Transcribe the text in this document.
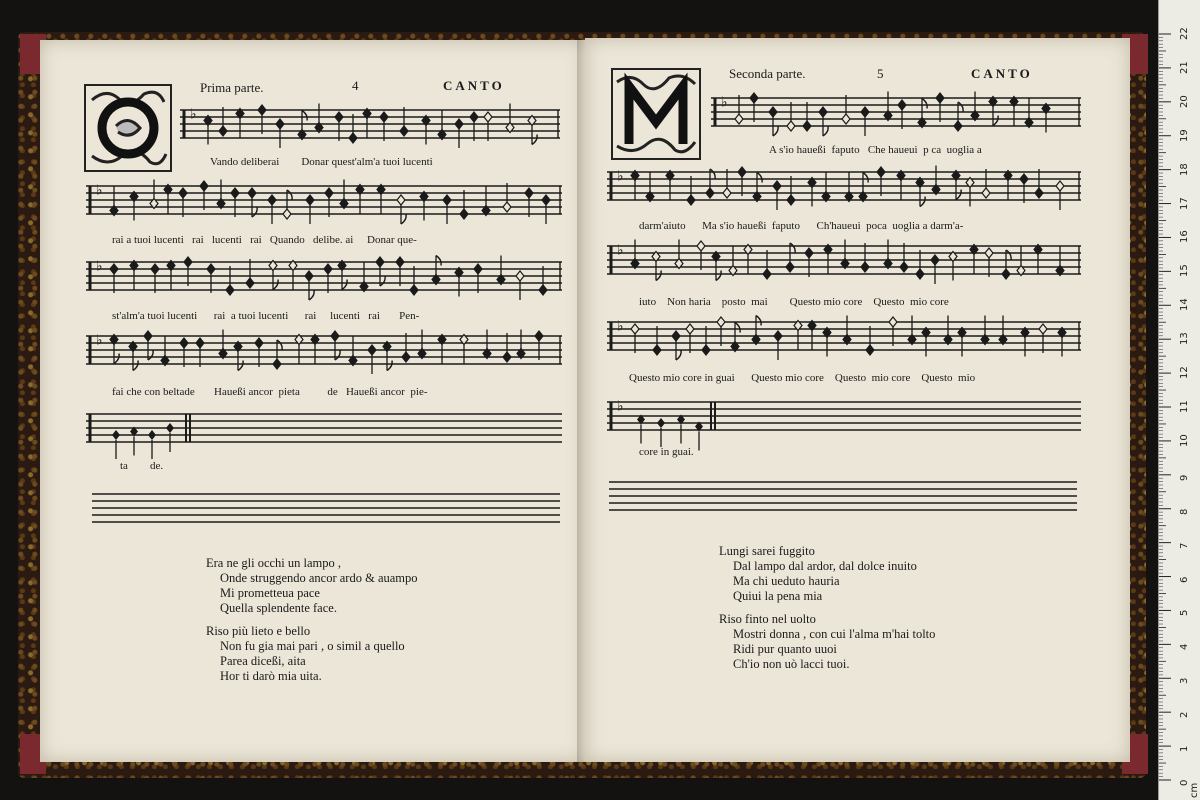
Prima parte.	4	CANTO
♭
Vando deliberai        Donar quest'alm'a tuoi lucenti
♭
rai a tuoi lucenti   rai   lucenti   rai   Quando   delibe. ai     Donar que-
♭
st'alm'a tuoi lucenti      rai  a tuoi lucenti      rai     lucenti   rai       Pen-
♭
fai che con beltade       Haueßi ancor  pieta          de   Haueßi ancor  pie-
ta        de.
Era ne gli occhi un lampo ,
Onde struggendo ancor ardo & auampo
Mi prometteua pace
Quella splendente face.
Riso più lieto e bello
Non fu gia mai pari , o simil a quello
Parea diceßi, aita
Hor ti darò mia uita.
Seconda parte.	5	CANTO
♭
A s'io haueßi  faputo   Che haueui  p ca  uoglia a
♭
darm'aiuto      Ma s'io haueßi  faputo      Ch'haueui  poca  uoglia a darm'a-
♭
iuto    Non haria    posto  mai        Questo mio core    Questo  mio core
♭
Questo mio core in guai      Questo mio core    Questo  mio core    Questo  mio
♭
core in guai.
Lungi sarei fuggito
Dal lampo dal ardor, dal dolce inuito
Ma chi ueduto hauria
Quiui la pena mia
Riso finto nel uolto
Mostri donna , con cui l'alma m'hai tolto
Ridi pur quanto uuoi
Ch'io non uò lacci tuoi.
22
21
20
19
18
17
16
15
14
13
12
11
10
9
8
7
6
5
4
3
2
1
0 cm
